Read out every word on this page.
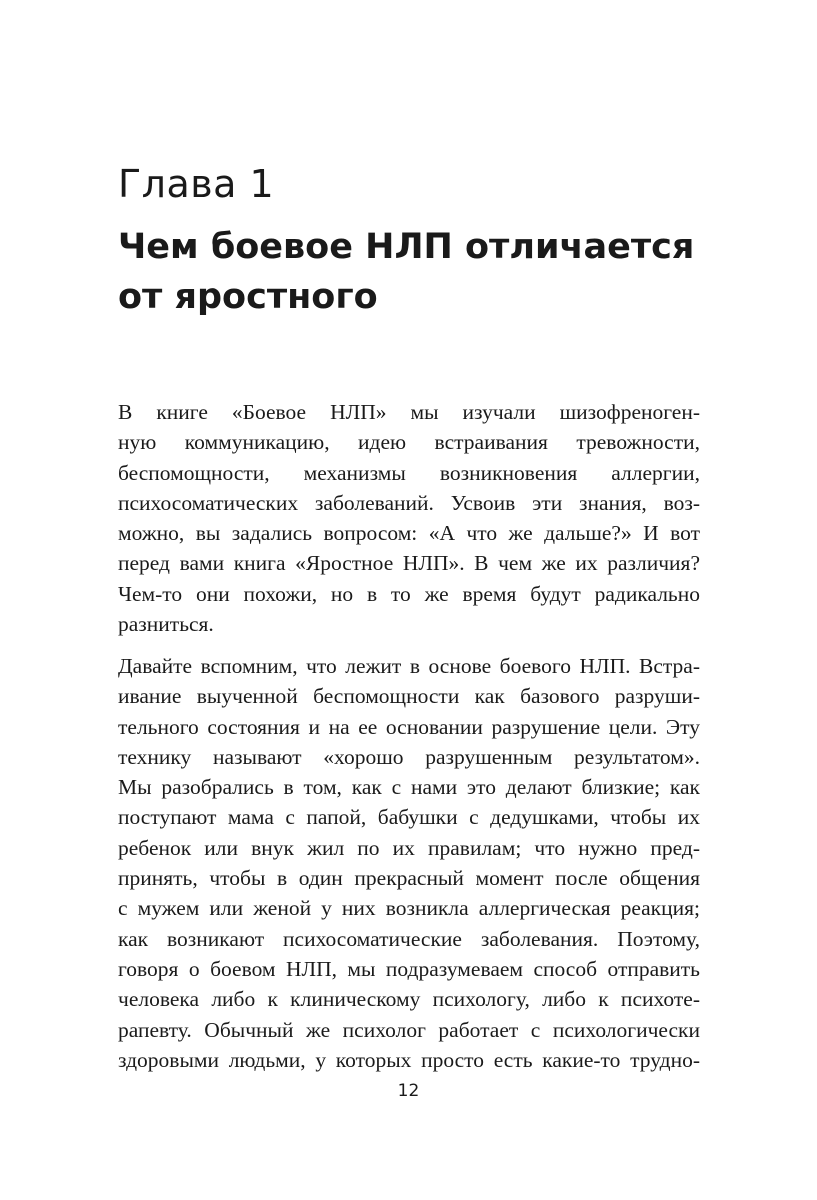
Глава 1
Чем боевое НЛП отличается
от яростного

В книге «Боевое НЛП» мы изучали шизофреноген-
ную коммуникацию, идею встраивания тревожности,
беспомощности, механизмы возникновения аллергии,
психосоматических заболеваний. Усвоив эти знания, воз-
можно, вы задались вопросом: «А что же дальше?» И вот
перед вами книга «Яростное НЛП». В чем же их различия?
Чем-то они похожи, но в то же время будут радикально
разниться.

Давайте вспомним, что лежит в основе боевого НЛП. Встра-
ивание выученной беспомощности как базового разруши-
тельного состояния и на ее основании разрушение цели. Эту
технику называют «хорошо разрушенным результатом».
Мы разобрались в том, как с нами это делают близкие; как
поступают мама с папой, бабушки с дедушками, чтобы их
ребенок или внук жил по их правилам; что нужно пред-
принять, чтобы в один прекрасный момент после общения
с мужем или женой у них возникла аллергическая реакция;
как возникают психосоматические заболевания. Поэтому,
говоря о боевом НЛП, мы подразумеваем способ отправить
человека либо к клиническому психологу, либо к психоте-
рапевту. Обычный же психолог работает с психологически
здоровыми людьми, у которых просто есть какие-то трудно-

12
